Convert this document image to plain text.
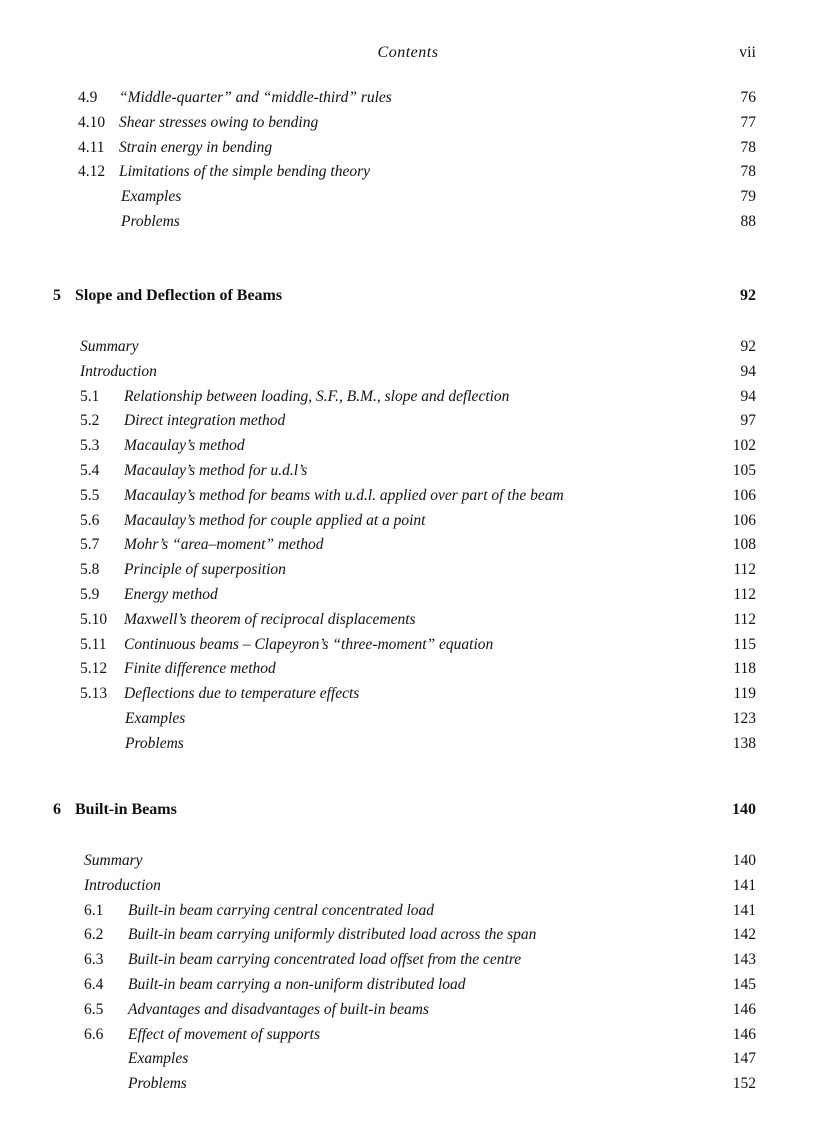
Contents	vii
4.9 “Middle-quarter” and “middle-third” rules	76
4.10 Shear stresses owing to bending	77
4.11 Strain energy in bending	78
4.12 Limitations of the simple bending theory	78
Examples	79
Problems	88
5 Slope and Deflection of Beams	92
Summary	92
Introduction	94
5.1 Relationship between loading, S.F., B.M., slope and deflection	94
5.2 Direct integration method	97
5.3 Macaulay’s method	102
5.4 Macaulay’s method for u.d.l’s	105
5.5 Macaulay’s method for beams with u.d.l. applied over part of the beam	106
5.6 Macaulay’s method for couple applied at a point	106
5.7 Mohr’s “area–moment” method	108
5.8 Principle of superposition	112
5.9 Energy method	112
5.10 Maxwell’s theorem of reciprocal displacements	112
5.11 Continuous beams – Clapeyron’s “three-moment” equation	115
5.12 Finite difference method	118
5.13 Deflections due to temperature effects	119
Examples	123
Problems	138
6 Built-in Beams	140
Summary	140
Introduction	141
6.1 Built-in beam carrying central concentrated load	141
6.2 Built-in beam carrying uniformly distributed load across the span	142
6.3 Built-in beam carrying concentrated load offset from the centre	143
6.4 Built-in beam carrying a non-uniform distributed load	145
6.5 Advantages and disadvantages of built-in beams	146
6.6 Effect of movement of supports	146
Examples	147
Problems	152
